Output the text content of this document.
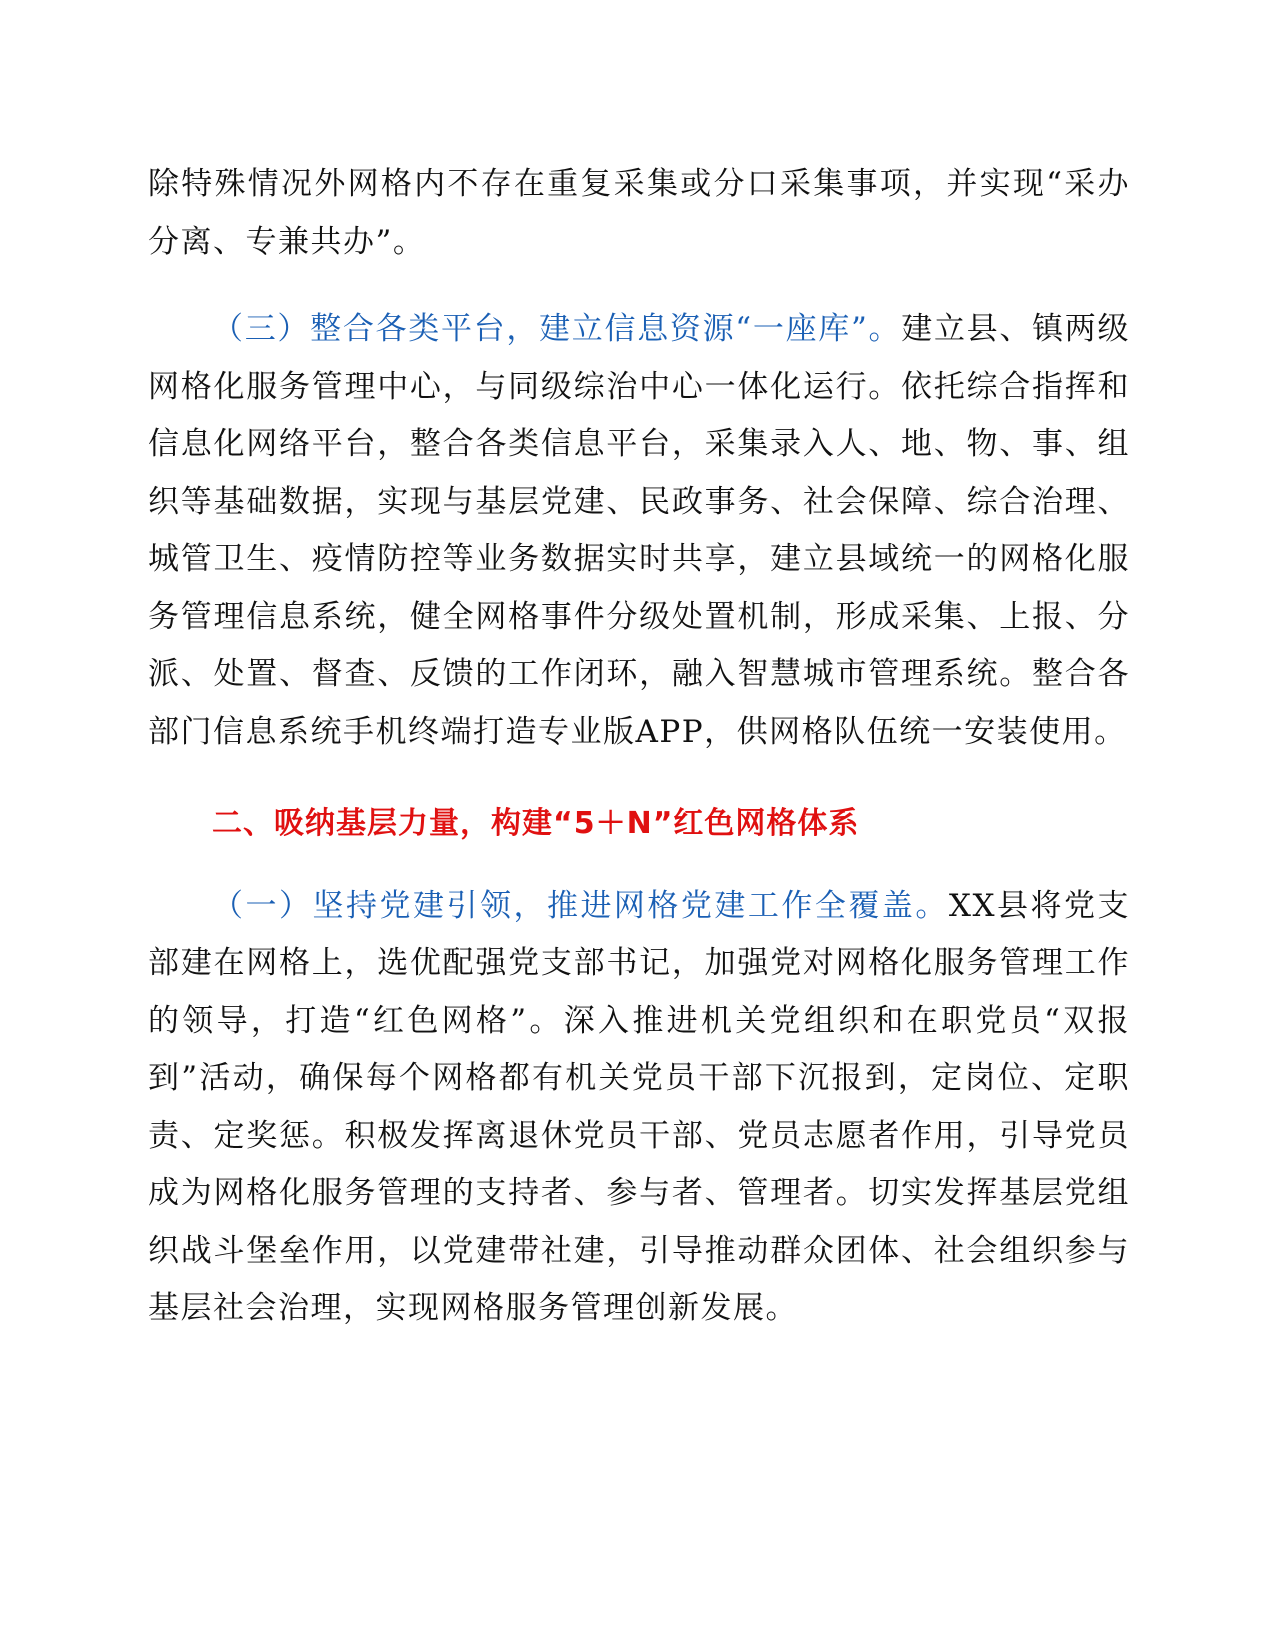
除特殊情况外网格内不存在重复采集或分口采集事项，并实现“采办分离、专兼共办”。

（三）整合各类平台，建立信息资源“一座库”。建立县、镇两级网格化服务管理中心，与同级综治中心一体化运行。依托综合指挥和信息化网络平台，整合各类信息平台，采集录入人、地、物、事、组织等基础数据，实现与基层党建、民政事务、社会保障、综合治理、城管卫生、疫情防控等业务数据实时共享，建立县域统一的网格化服务管理信息系统，健全网格事件分级处置机制，形成采集、上报、分派、处置、督查、反馈的工作闭环，融入智慧城市管理系统。整合各部门信息系统手机终端打造专业版APP，供网格队伍统一安装使用。

二、吸纳基层力量，构建“5＋N”红色网格体系

（一）坚持党建引领，推进网格党建工作全覆盖。XX县将党支部建在网格上，选优配强党支部书记，加强党对网格化服务管理工作的领导，打造“红色网格”。深入推进机关党组织和在职党员“双报到”活动，确保每个网格都有机关党员干部下沉报到，定岗位、定职责、定奖惩。积极发挥离退休党员干部、党员志愿者作用，引导党员成为网格化服务管理的支持者、参与者、管理者。切实发挥基层党组织战斗堡垒作用，以党建带社建，引导推动群众团体、社会组织参与基层社会治理，实现网格服务管理创新发展。
